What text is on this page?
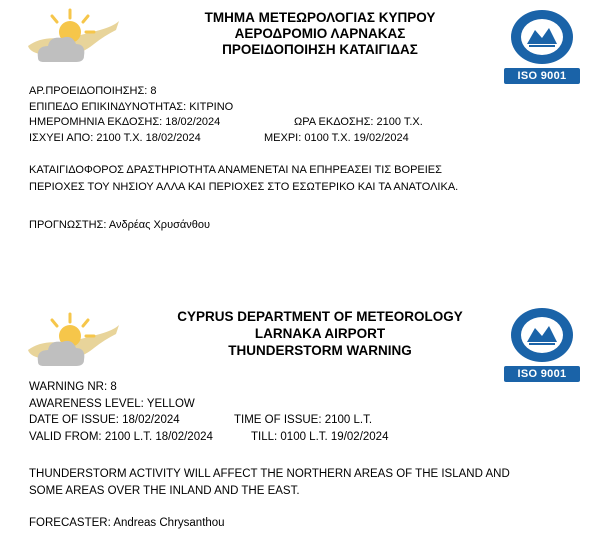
ΤΜΗΜΑ ΜΕΤΕΩΡΟΛΟΓΙΑΣ ΚΥΠΡΟΥ
ΑΕΡΟΔΡΟΜΙΟ ΛΑΡΝΑΚΑΣ
ΠΡΟΕΙΔΟΠΟΙΗΣΗ ΚΑΤΑΙΓΙΔΑΣ
ISO 9001
ΑΡ.ΠΡΟΕΙΔΟΠΟΙΗΣΗΣ: 8
ΕΠΙΠΕΔΟ ΕΠΙΚΙΝΔΥΝΟΤΗΤΑΣ: ΚΙΤΡΙΝΟ
ΗΜΕΡΟΜΗΝΙΑ ΕΚΔΟΣΗΣ: 18/02/2024	ΩΡΑ ΕΚΔΟΣΗΣ: 2100 Τ.Χ.
ΙΣΧΥΕΙ ΑΠΟ: 2100 Τ.Χ. 18/02/2024	ΜΕΧΡΙ: 0100 Τ.Χ. 19/02/2024
ΚΑΤΑΙΓΙΔΟΦΟΡΟΣ ΔΡΑΣΤΗΡΙΟΤΗΤΑ ΑΝΑΜΕΝΕΤΑΙ ΝΑ ΕΠΗΡΕΑΣΕΙ ΤΙΣ ΒΟΡΕΙΕΣ
ΠΕΡΙΟΧΕΣ ΤΟΥ ΝΗΣΙΟΥ ΑΛΛΑ ΚΑΙ ΠΕΡΙΟΧΕΣ ΣΤΟ ΕΣΩΤΕΡΙΚΟ ΚΑΙ ΤΑ ΑΝΑΤΟΛΙΚΑ.
ΠΡΟΓΝΩΣΤΗΣ: Ανδρέας Χρυσάνθου
CYPRUS DEPARTMENT OF METEOROLOGY
LARNAKA AIRPORT
THUNDERSTORM WARNING
ISO 9001
WARNING NR: 8
AWARENESS LEVEL: YELLOW
DATE OF ISSUE: 18/02/2024	TIME OF ISSUE: 2100 L.T.
VALID FROM: 2100 L.T. 18/02/2024	TILL: 0100 L.T. 19/02/2024
THUNDERSTORM ACTIVITY WILL AFFECT THE NORTHERN AREAS OF THE ISLAND AND
SOME AREAS OVER THE INLAND AND THE EAST.
FORECASTER: Andreas Chrysanthou
